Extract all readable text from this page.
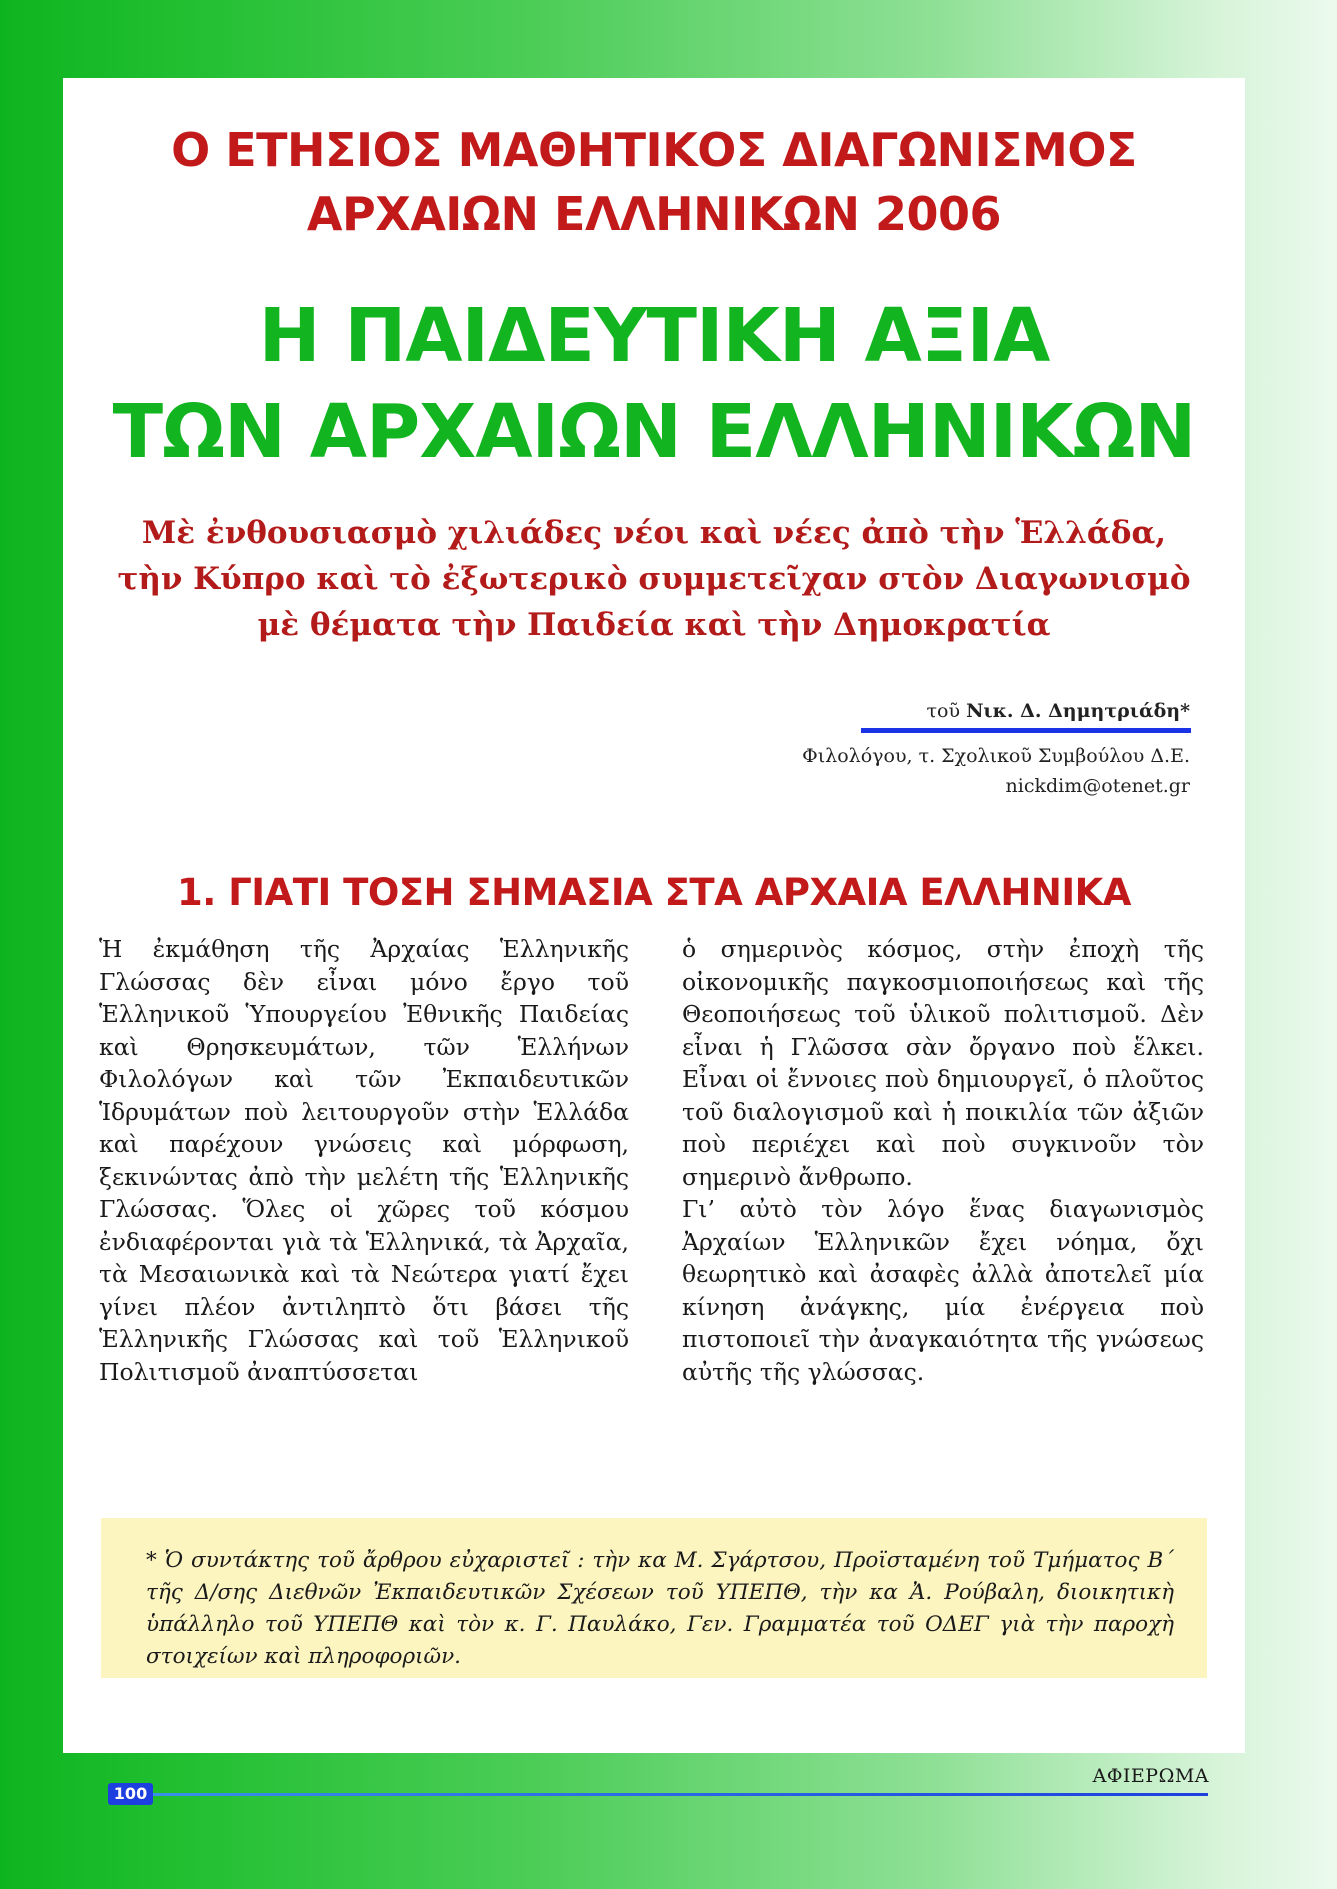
Ο ΕΤΗΣΙΟΣ ΜΑΘΗΤΙΚΟΣ ΔΙΑΓΩΝΙΣΜΟΣ
ΑΡΧΑΙΩΝ ΕΛΛΗΝΙΚΩΝ 2006
Η ΠΑΙΔΕΥΤΙΚΗ ΑΞΙΑ
ΤΩΝ ΑΡΧΑΙΩΝ ΕΛΛΗΝΙΚΩΝ
Μὲ ἐνθουσιασμὸ χιλιάδες νέοι καὶ νέες ἀπὸ τὴν Ἑλλάδα,
τὴν Κύπρο καὶ τὸ ἐξωτερικὸ συμμετεῖχαν στὸν Διαγωνισμὸ
μὲ θέματα τὴν Παιδεία καὶ τὴν Δημοκρατία
τοῦ Νικ. Δ. Δημητριάδη*
Φιλολόγου, τ. Σχολικοῦ Συμβούλου Δ.Ε.
nickdim@otenet.gr
1. ΓΙΑΤΙ ΤΟΣΗ ΣΗΜΑΣΙΑ ΣΤΑ ΑΡΧΑΙΑ ΕΛΛΗΝΙΚΑ

Ἡ ἐκμάθηση τῆς Ἀρχαίας Ἑλληνικῆς Γλώσσας δὲν εἶναι μόνο ἔργο τοῦ Ἑλληνικοῦ Ὑπουργείου Ἐθνικῆς Παιδείας καὶ Θρησκευμάτων, τῶν Ἑλλήνων Φιλολόγων καὶ τῶν Ἐκπαιδευτικῶν Ἱδρυμάτων ποὺ λειτουργοῦν στὴν Ἑλλάδα καὶ παρέχουν γνώσεις καὶ μόρφωση, ξεκινώντας ἀπὸ τὴν μελέτη τῆς Ἑλληνικῆς Γλώσσας. Ὅλες οἱ χῶρες τοῦ κόσμου ἐνδιαφέρονται γιὰ τὰ Ἑλληνικά, τὰ Ἀρχαῖα, τὰ Μεσαιωνικὰ καὶ τὰ Νεώτερα γιατί ἔχει γίνει πλέον ἀντιληπτὸ ὅτι βάσει τῆς Ἑλληνικῆς Γλώσσας καὶ τοῦ Ἑλληνικοῦ Πολιτισμοῦ ἀναπτύσσεται

ὁ σημερινὸς κόσμος, στὴν ἐποχὴ τῆς οἰκονομικῆς παγκοσμιοποιήσεως καὶ τῆς Θεοποιήσεως τοῦ ὑλικοῦ πολιτισμοῦ. Δὲν εἶναι ἡ Γλῶσσα σὰν ὄργανο ποὺ ἕλκει. Εἶναι οἱ ἔννοιες ποὺ δημιουργεῖ, ὁ πλοῦτος τοῦ διαλογισμοῦ καὶ ἡ ποικιλία τῶν ἀξιῶν ποὺ περιέχει καὶ ποὺ συγκινοῦν τὸν σημερινὸ ἄνθρωπο.

Γι’ αὐτὸ τὸν λόγο ἕνας διαγωνισμὸς Ἀρχαίων Ἑλληνικῶν ἔχει νόημα, ὄχι θεωρητικὸ καὶ ἀσαφὲς ἀλλὰ ἀποτελεῖ μία κίνηση ἀνάγκης, μία ἐνέργεια ποὺ πιστοποιεῖ τὴν ἀναγκαιότητα τῆς γνώσεως αὐτῆς τῆς γλώσσας.

* Ὁ συντάκτης τοῦ ἄρθρου εὐχαριστεῖ : τὴν κα Μ. Σγάρτσου, Προϊσταμένη τοῦ Τμήματος Β΄ τῆς Δ/σης Διεθνῶν Ἐκπαιδευτικῶν Σχέσεων τοῦ ΥΠΕΠΘ, τὴν κα Ἀ. Ρούβαλη, διοικητικὴ ὑπάλληλο τοῦ ΥΠΕΠΘ καὶ τὸν κ. Γ. Παυλάκο, Γεν. Γραμματέα τοῦ ΟΔΕΓ γιὰ τὴν παροχὴ στοιχείων καὶ πληροφοριῶν.
100
ΑΦΙΕΡΩΜΑ
